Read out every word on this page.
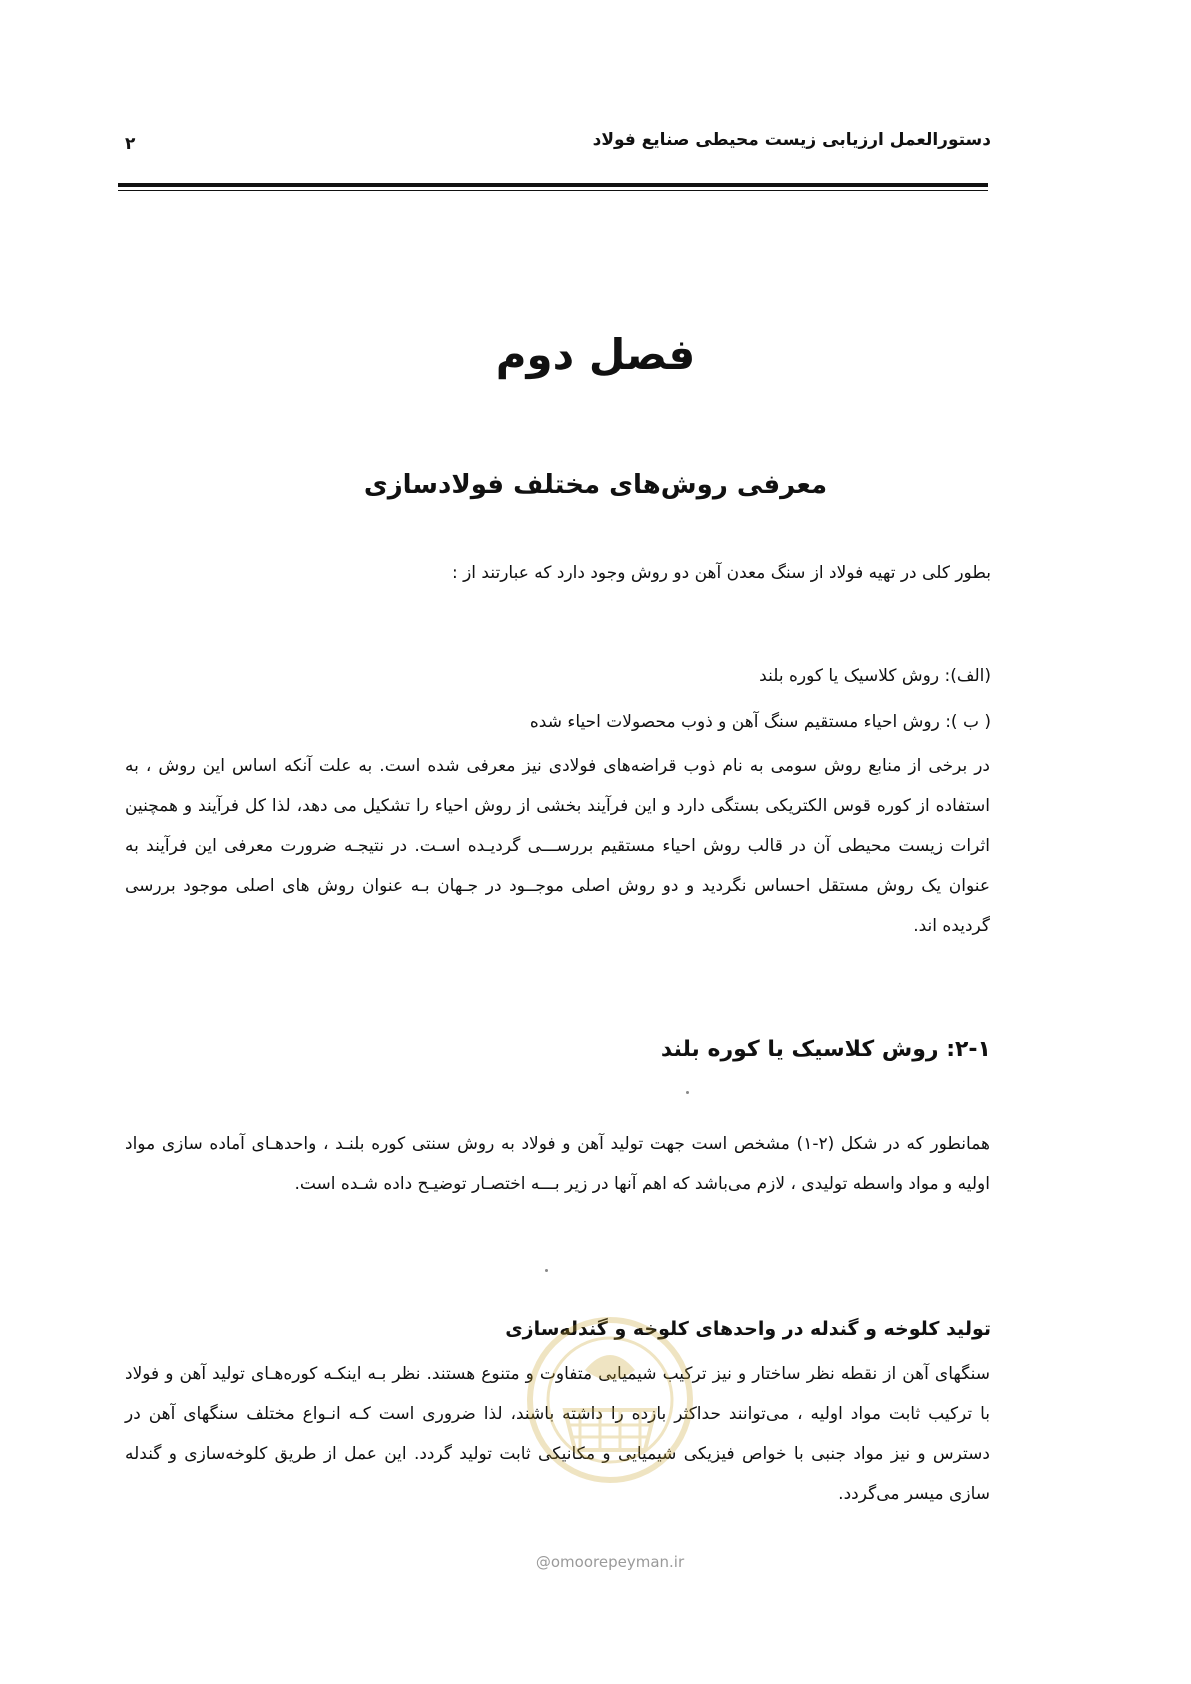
دستورالعمل ارزیابی زیست محیطی صنایع فولاد
۲
فصل دوم
معرفی روش‌های مختلف فولادسازی
بطور کلی در تهیه فولاد از سنگ معدن آهن دو روش وجود دارد که عبارتند از :
(الف): روش کلاسیک یا کوره بلند
( ب ): روش احیاء مستقیم سنگ آهن و ذوب محصولات احیاء شده
در برخی از منابع روش سومی به نام ذوب قراضه‌های فولادی نیز معرفی شده است. به علت آنکه اساس این روش ، به استفاده از کوره قوس الکتریکی بستگی دارد و این فرآیند بخشی از روش احیاء را تشکیل می دهد، لذا کل فرآیند و همچنین اثرات زیست محیطی آن در قالب روش احیاء مستقیم بررســـی گردیـده اسـت. در نتیجـه ضرورت معرفی این فرآیند به عنوان یک روش مستقل احساس نگردید و دو روش اصلی موجــود در جـهان بـه عنوان روش های اصلی موجود بررسی گردیده اند.
۲-۱: روش کلاسیک یا کوره بلند
همانطور که در شکل (۲-۱) مشخص است جهت تولید آهن و فولاد به روش سنتی کوره بلنـد ، واحدهـای آماده سازی مواد اولیه و مواد واسطه تولیدی ، لازم می‌باشد که اهم آنها در زیر بـــه اختصـار توضیـح داده شـده است.
تولید کلوخه و گندله در واحدهای کلوخه و گندله‌سازی
سنگهای آهن از نقطه نظر ساختار و نیز ترکیب شیمیایی متفاوت و متنوع هستند. نظر بـه اینکـه کوره‌هـای تولید آهن و فولاد با ترکیب ثابت مواد اولیه ، می‌توانند حداکثر بازده را داشته باشند، لذا ضروری است کـه انـواع مختلف سنگهای آهن در دسترس و نیز مواد جنبی با خواص فیزیکی شیمیایی و مکانیکی ثابت تولید گردد. این عمل از طریق کلوخه‌سازی و گندله سازی میسر می‌گردد.
@omoorepeyman.ir
